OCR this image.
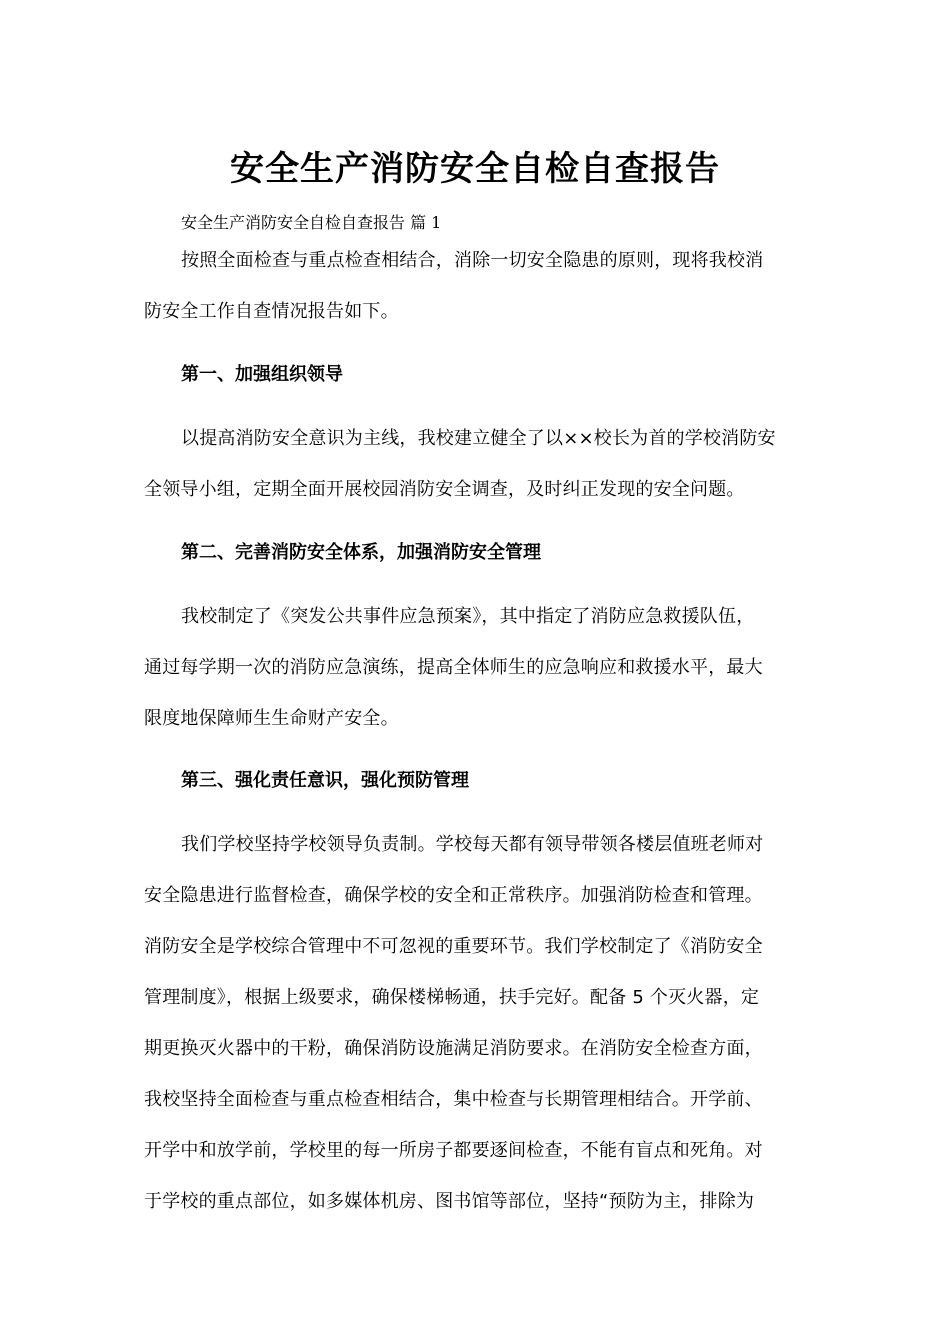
安全生产消防安全自检自查报告
安全生产消防安全自检自查报告 篇 1

按照全面检查与重点检查相结合，消除一切安全隐患的原则，现将我校消
防安全工作自查情况报告如下。

第一、加强组织领导

以提高消防安全意识为主线，我校建立健全了以××校长为首的学校消防安
全领导小组，定期全面开展校园消防安全调查，及时纠正发现的安全问题。

第二、完善消防安全体系，加强消防安全管理

我校制定了《突发公共事件应急预案》，其中指定了消防应急救援队伍，
通过每学期一次的消防应急演练，提高全体师生的应急响应和救援水平，最大
限度地保障师生生命财产安全。

第三、强化责任意识，强化预防管理

我们学校坚持学校领导负责制。学校每天都有领导带领各楼层值班老师对
安全隐患进行监督检查，确保学校的安全和正常秩序。加强消防检查和管理。
消防安全是学校综合管理中不可忽视的重要环节。我们学校制定了《消防安全
管理制度》，根据上级要求，确保楼梯畅通，扶手完好。配备 5 个灭火器，定
期更换灭火器中的干粉，确保消防设施满足消防要求。在消防安全检查方面，
我校坚持全面检查与重点检查相结合，集中检查与长期管理相结合。开学前、
开学中和放学前，学校里的每一所房子都要逐间检查，不能有盲点和死角。对
于学校的重点部位，如多媒体机房、图书馆等部位，坚持“预防为主，排除为
